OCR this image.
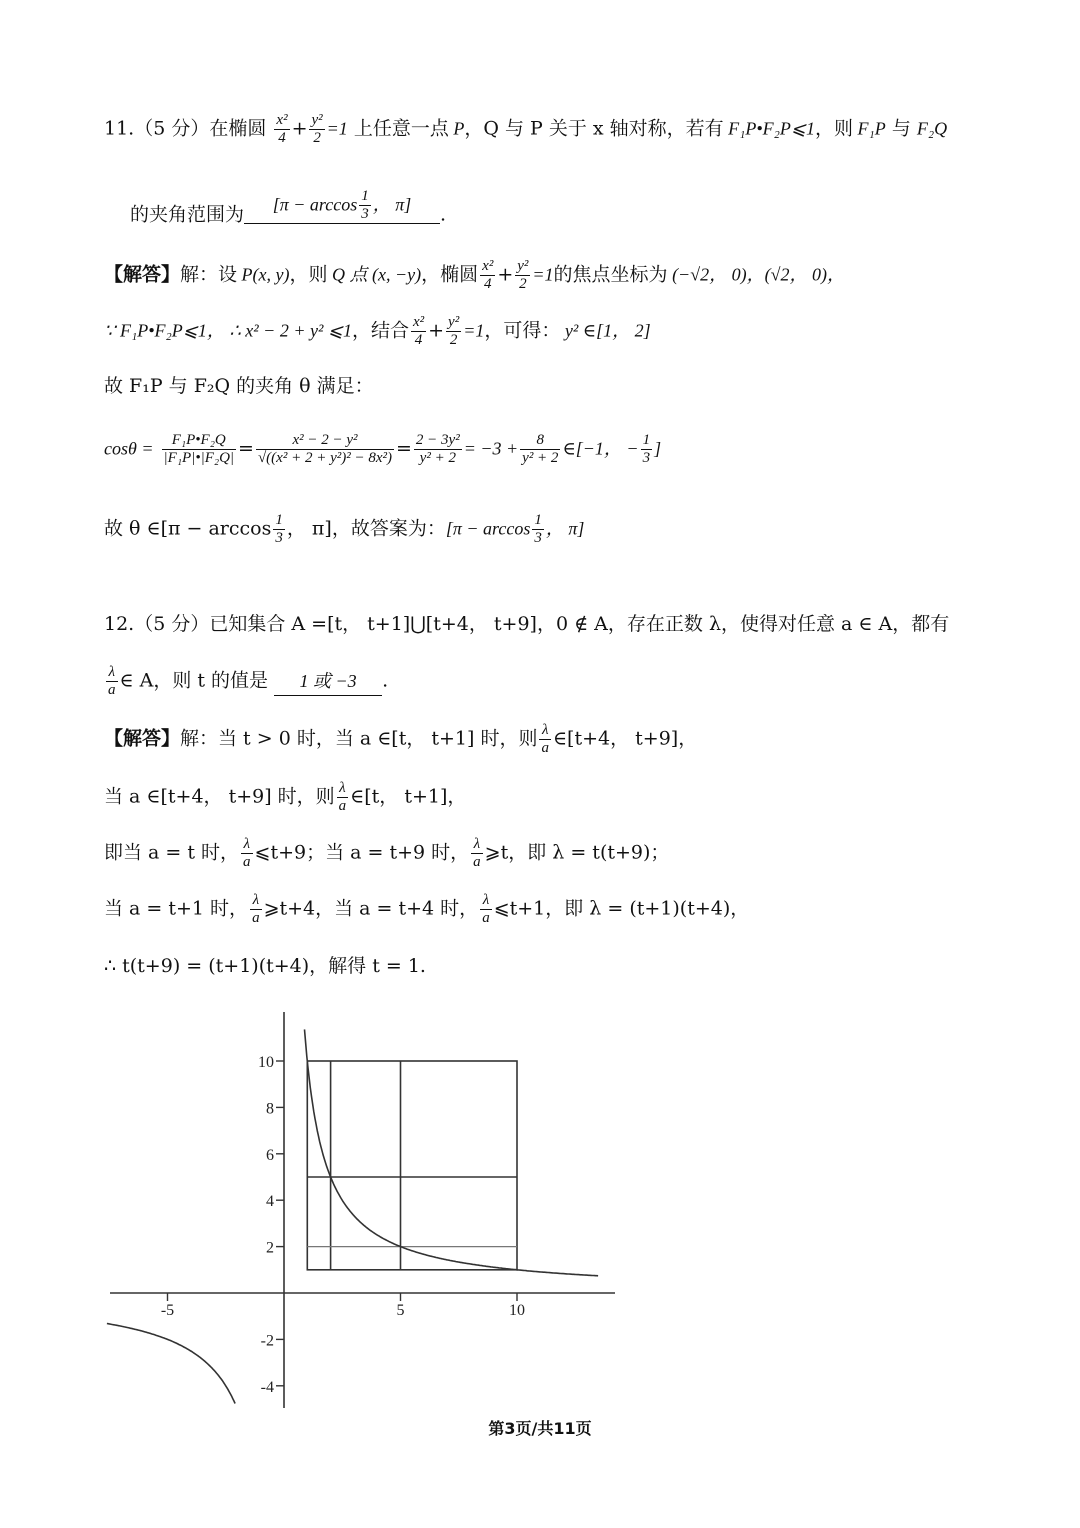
11.（5 分）在椭圆 $\frac{\text{x²}}{4} + \frac{\text{y²}}{2} =1$ 上任意一点 P，Q 与 P 关于 x 轴对称，若有 F₁P•F₂P⩽1，则 F₁P 与 F₂Q
的夹角范围为 [$\pi - \arccos \frac{1}{3}$ ， π] .
【解答】解：设 P(x, y)，则 Q 点 (x, −y)，椭圆 $\frac{\text{x²}}{4} + \frac{\text{y²}}{2} =1$的焦点坐标为 (−√2， 0)，(√2， 0)，
∵ F₁P•F₂P⩽1， ∴ x² − 2 + y² ⩽1，结合 $\frac{\text{x²}}{4} + \frac{\text{y²}}{2} =1$，可得： y² ∈[1， 2]
故 F₁P 与 F₂Q 的夹角 θ 满足：
$\cos\theta = \frac{\text{F₁P•F₂Q}}{\text{|F₁P|•|F₂Q|}} = \frac{\text{x² − 2 − y²}}{\text{√((x² + 2 + y²)² − 8x²)}} = \frac{\text{2 − 3y²}}{\text{y² + 2}} = -3 + \frac{8}{\text{y² + 2}}$ ∈[−1， − $\frac{1}{3}$ ]
故 θ ∈[π − $\arccos \frac{1}{3}$ ， π]，故答案为：[$\pi - \arccos \frac{1}{3}$ ， π]
12.（5 分）已知集合 A =[t， t+1]⋃[t+4， t+9]，0 ∉ A，存在正数 λ，使得对任意 a ∈ A，都有
$\frac{\lambda}{a}$ ∈ A，则 t 的值是 1 或 −3 .
【解答】解：当 t > 0 时，当 a ∈[t， t+1] 时，则 $\frac{\lambda}{a}$ ∈[t+4， t+9]，
当 a ∈[t+4， t+9] 时，则 $\frac{\lambda}{a}$ ∈[t， t+1]，
即当 a = t 时， $\frac{\lambda}{a}$ ⩽t+9；当 a = t+9 时， $\frac{\lambda}{a}$ ⩾t，即 λ = t(t+9)；
当 a = t+1 时， $\frac{\lambda}{a}$ ⩾t+4，当 a = t+4 时， $\frac{\lambda}{a}$ ⩽t+1，即 λ = (t+1)(t+4)，
∴ t(t+9) = (t+1)(t+4)，解得 t = 1.
-5	5	10
10
8
6
4
2
-2
-4
第3页/共11页
